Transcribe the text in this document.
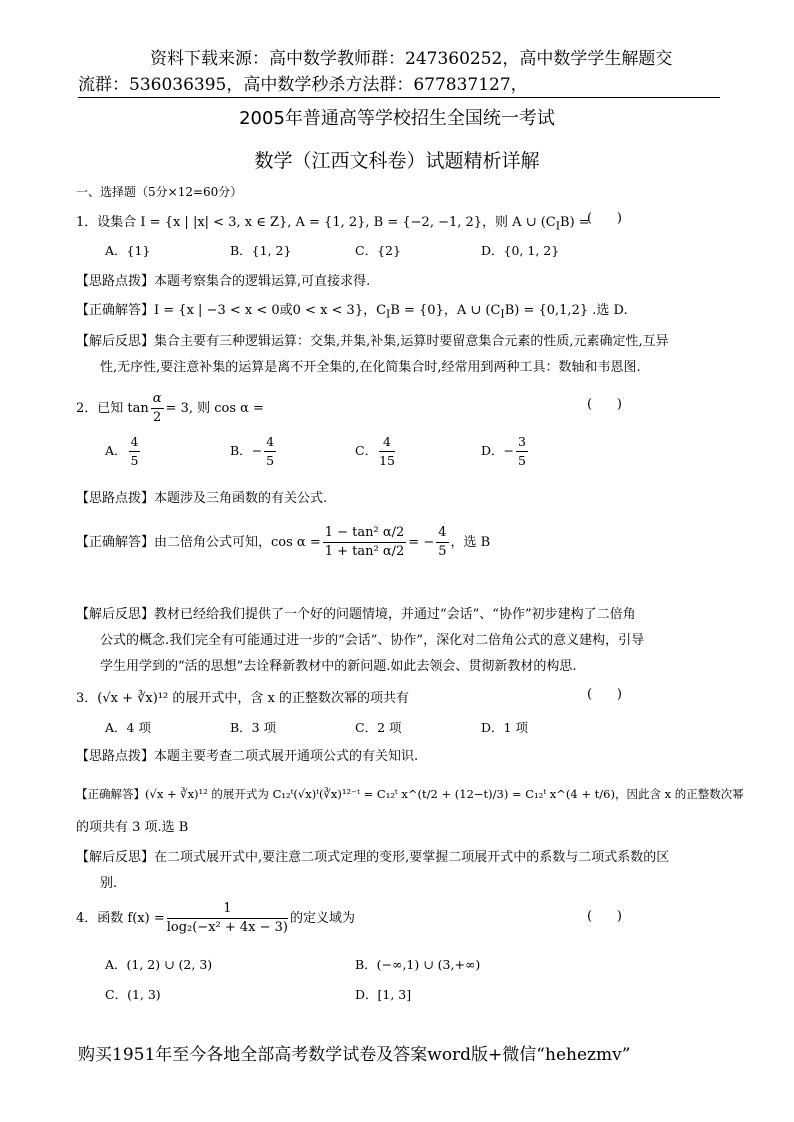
资料下载来源：高中数学教师群：247360252，高中数学学生解题交
流群：536036395，高中数学秒杀方法群：677837127，
2005年普通高等学校招生全国统一考试
数学（江西文科卷）试题精析详解
一、选择题（5分×12=60分）
1．设集合 I = {x | |x| < 3, x ∈ Z}, A = {1, 2}, B = {−2, −1, 2}，则 A ∪ $(C_IB)$ =
(      )
A．{1}	B．{1, 2}	C．{2}	D．{0, 1, 2}
【思路点拨】本题考察集合的逻辑运算,可直接求得.
【正确解答】I = {x | −3 < x < 0或0 < x < 3}，$C_IB = \{0\}$，A ∪ $(C_IB) = \{0,1,2\}$ .选 D.
【解后反思】集合主要有三种逻辑运算：交集,并集,补集,运算时要留意集合元素的性质,元素确定性,互异
性,无序性,要注意补集的运算是离不开全集的,在化简集合时,经常用到两种工具：数轴和韦恩图.
2．已知 $\tan \frac{\alpha}{2} = 3$, 则 cos α =	(      )
A． $\frac{4}{5}$	B．− $\frac{4}{5}$	C． $\frac{4}{15}$	D．− $\frac{3}{5}$
【思路点拨】本题涉及三角函数的有关公式.
【正确解答】由二倍角公式可知，$\cos \alpha = \frac{\text{1 − tan² α/2}}{\text{1 + tan² α/2}}$ = − $\frac{4}{5}$ ，选 B
【解后反思】教材已经给我们提供了一个好的问题情境，并通过“会话”、“协作”初步建构了二倍角
公式的概念.我们完全有可能通过进一步的“会话”、协作”，深化对二倍角公式的意义建构，引导
学生用学到的“活的思想”去诠释新教材中的新问题.如此去领会、贯彻新教材的构思.
3．(√x + ∛x)¹² 的展开式中，含 x 的正整数次幂的项共有	(      )
A．4 项	B．3 项	C．2 项	D．1 项
【思路点拨】本题主要考查二项式展开通项公式的有关知识.
【正确解答】(√x + ∛x)¹² 的展开式为 C₁₂ᵗ(√x)ᵗ(∛x)¹²⁻ᵗ = C₁₂ᵗ x^(t/2 + (12−t)/3) = C₁₂ᵗ x^(4 + t/6)，因此含 x 的正整数次幂
的项共有 3 项.选 B
【解后反思】在二项式展开式中,要注意二项式定理的变形,要掌握二项展开式中的系数与二项式系数的区
别.
4．函数 $f(x) = \frac{1}{\text{log₂(−x² + 4x − 3)}}$ 的定义域为	(      )
A．(1, 2) ∪ (2, 3)	B．(−∞,1) ∪ (3,+∞)
C．(1, 3)	D．[1, 3]
购买1951年至今各地全部高考数学试卷及答案word版+微信“hehezmv”
